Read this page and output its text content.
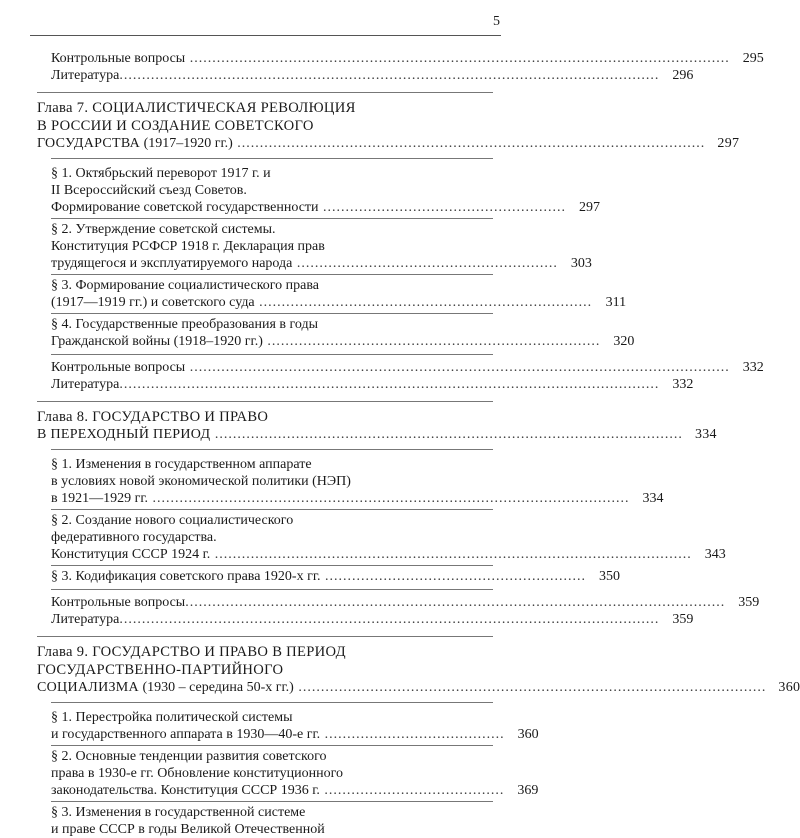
5
Контрольные вопросы ........................................................................................................................ 295
Литература........................................................................................................................ 296
Глава 7. СОЦИАЛИСТИЧЕСКАЯ РЕВОЛЮЦИЯ
В РОССИИ И СОЗДАНИЕ СОВЕТСКОГО
ГОСУДАРСТВА (1917–1920 гг.) ........................................................................................................ 297
§ 1. Октябрьский переворот 1917 г. и
II Всероссийский съезд Советов.
Формирование советской государственности ...................................................... 297
§ 2. Утверждение советской системы.
Конституция РСФСР 1918 г. Декларация прав
трудящегося и эксплуатируемого народа .......................................................... 303
§ 3. Формирование социалистического права
(1917—1919 гг.) и советского суда .......................................................................... 311
§ 4. Государственные преобразования в годы
Гражданской войны (1918–1920 гг.) .......................................................................... 320
Контрольные вопросы ........................................................................................................................ 332
Литература........................................................................................................................ 332
Глава 8. ГОСУДАРСТВО И ПРАВО
В ПЕРЕХОДНЫЙ ПЕРИОД ........................................................................................................ 334
§ 1. Изменения в государственном аппарате
в условиях новой экономической политики (НЭП)
в 1921—1929 гг. .......................................................................................................... 334
§ 2. Создание нового социалистического
федеративного государства.
Конституция СССР 1924 г. .......................................................................................................... 343
§ 3. Кодификация советского права 1920-х гг. .......................................................... 350
Контрольные вопросы........................................................................................................................ 359
Литература........................................................................................................................ 359
Глава 9. ГОСУДАРСТВО И ПРАВО В ПЕРИОД
ГОСУДАРСТВЕННО-ПАРТИЙНОГО
СОЦИАЛИЗМА (1930 – середина 50-х гг.) ........................................................................................................ 360
§ 1. Перестройка политической системы
и государственного аппарата в 1930—40-е гг. ........................................ 360
§ 2. Основные тенденции развития советского
права в 1930-е гг. Обновление конституционного
законодательства. Конституция СССР 1936 г. ........................................ 369
§ 3. Изменения в государственной системе
и праве СССР в годы Великой Отечественной
